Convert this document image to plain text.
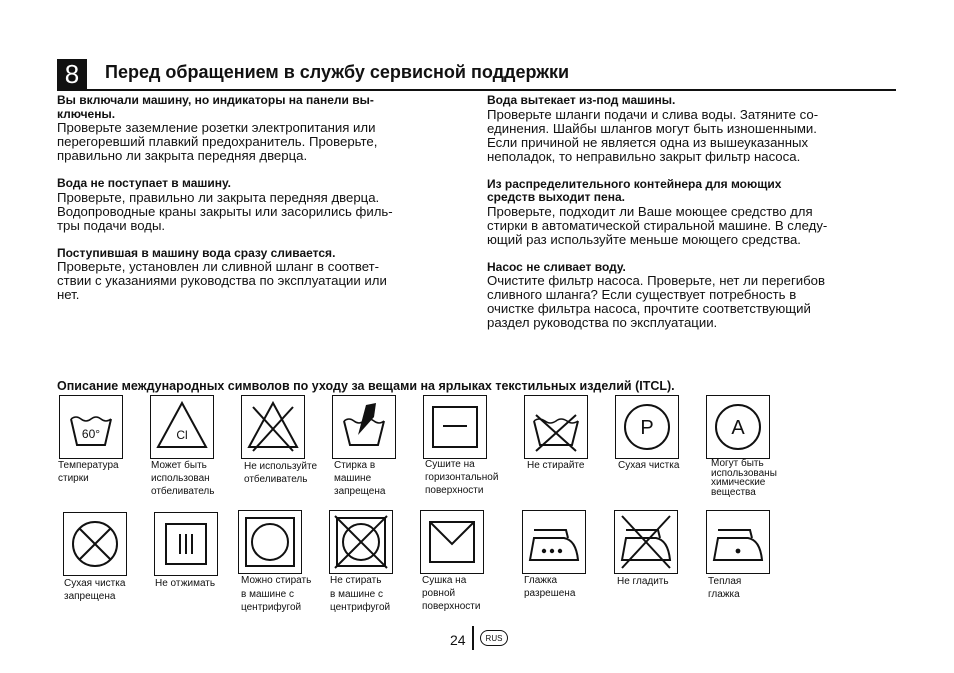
8	Перед обращением в службу сервисной поддержки
Вы включали машину, но индикаторы на панели вы-
ключены.
Проверьте заземление розетки электропитания или
перегоревший плавкий предохранитель. Проверьте,
правильно ли закрыта передняя дверца.
Вода не поступает в машину.
Проверьте, правильно ли закрыта передняя дверца.
Водопроводные краны закрыты или засорились филь-
тры подачи воды.
Поступившая в машину вода сразу сливается.
Проверьте, установлен ли сливной шланг в соответ-
ствии с указаниями руководства по эксплуатации или
нет.
Вода вытекает из-под машины.
Проверьте шланги подачи и слива воды. Затяните со-
единения. Шайбы шлангов могут быть изношенными.
Если причиной не является одна из вышеуказанных
неполадок, то неправильно закрыт фильтр насоса.
Из распределительного контейнера для моющих
средств выходит пена.
Проверьте, подходит ли Ваше моющее средство для
стирки в автоматической стиральной машине. В следу-
ющий раз используйте меньше моющего средства.
Насос не сливает воду.
Очистите фильтр насоса. Проверьте, нет ли перегибов
сливного шланга? Если существует потребность в
очистке фильтра насоса, прочтите соответствующий
раздел руководства по эксплуатации.
Описание международных символов по уходу за вещами на ярлыках текстильных изделий (ITCL).
60°	Cl	P	A
Температура
стирки
Может быть
использован
отбеливатель
Не используйте
отбеливатель
Стирка в
машине
запрещена
Сушите на
горизонтальной
поверхности
Не стирайте	Сухая чистка	Могут быть
использованы
химические
вещества
Сухая чистка
запрещена
Не отжимать	Можно стирать
в машине с
центрифугой
Не стирать
в машине с
центрифугой
Сушка на
ровной
поверхности
Глажка
разрешена
Не гладить	Теплая
глажка
24	RUS
